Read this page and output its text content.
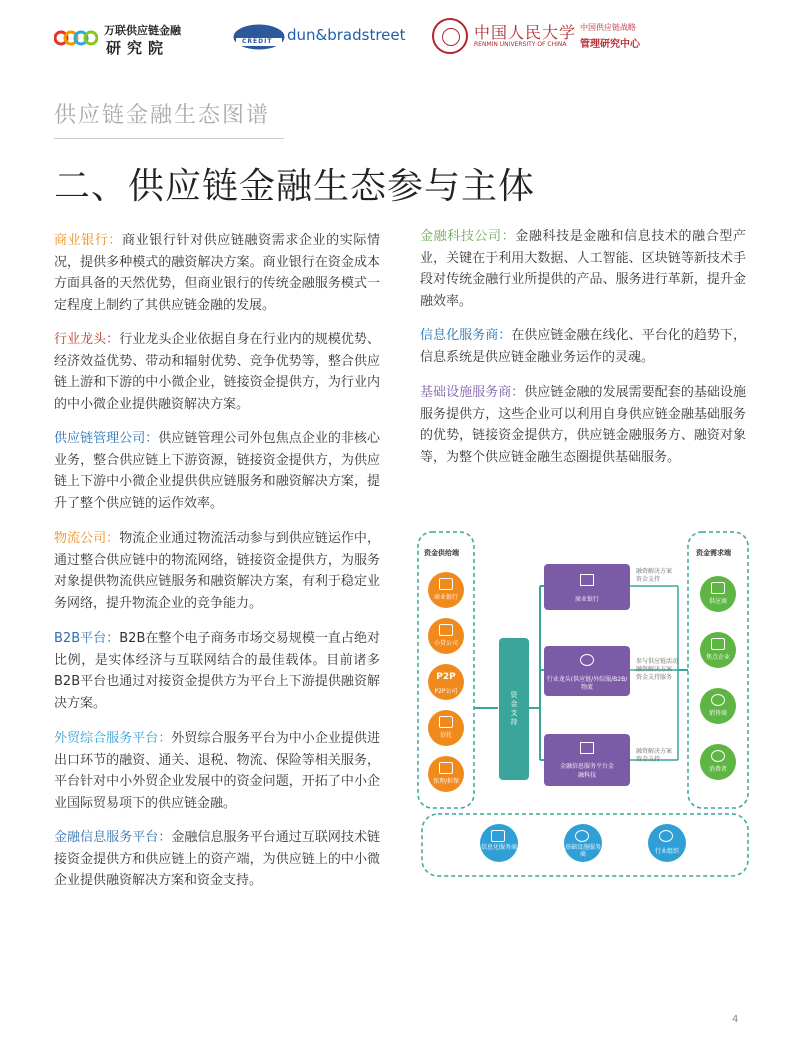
万联供应链金融
研究院	CREDIT dun&bradstreet	中国人民大学
RENMIN UNIVERSITY OF CHINA
中国供应链战略
管理研究中心
供应链金融生态图谱
二、供应链金融生态参与主体
商业银行：商业银行针对供应链融资需求企业的实际情况，提供多种模式的融资解决方案。商业银行在资金成本方面具备的天然优势，但商业银行的传统金融服务模式一定程度上制约了其供应链金融的发展。
行业龙头：行业龙头企业依据自身在行业内的规模优势、经济效益优势、带动和辐射优势、竞争优势等，整合供应链上游和下游的中小微企业，链接资金提供方，为行业内的中小微企业提供融资解决方案。
供应链管理公司：供应链管理公司外包焦点企业的非核心业务，整合供应链上下游资源，链接资金提供方，为供应链上下游中小微企业提供供应链服务和融资解决方案，提升了整个供应链的运作效率。
物流公司：物流企业通过物流活动参与到供应链运作中，通过整合供应链中的物流网络，链接资金提供方，为服务对象提供物流供应链服务和融资解决方案，有利于稳定业务网络，提升物流企业的竞争能力。
B2B平台：B2B在整个电子商务市场交易规模一直占绝对比例，是实体经济与互联网结合的最佳载体。目前诸多B2B平台也通过对接资金提供方为平台上下游提供融资解决方案。
外贸综合服务平台：外贸综合服务平台为中小企业提供进出口环节的融资、通关、退税、物流、保险等相关服务，平台针对中小外贸企业发展中的资金问题，开拓了中小企业国际贸易项下的供应链金融。
金融信息服务平台：金融信息服务平台通过互联网技术链接资金提供方和供应链上的资产端，为供应链上的中小微企业提供融资解决方案和资金支持。
金融科技公司：金融科技是金融和信息技术的融合型产业，关键在于利用大数据、人工智能、区块链等新技术手段对传统金融行业所提供的产品、服务进行革新，提升金融效率。
信息化服务商：在供应链金融在线化、平台化的趋势下，信息系统是供应链金融业务运作的灵魂。
基础设施服务商：供应链金融的发展需要配套的基础设施服务提供方，这些企业可以利用自身供应链金融基础服务的优势，链接资金提供方，供应链金融服务方、融资对象等，为整个供应链金融生态圈提供基础服务。
资金供给端	资金需求端
商业银行
小贷公司
P2P
P2P公司
信托
保理/担保
资金支持
商业银行
行业龙头(供应链/外综服/B2B/物流
金融信息服务平台金融科技
融资解决方案
资金支持
参与供应链活动
融资解决方案
资金支持服务
融资解决方案
资金支持
供应商
焦点企业
销售商
消费者
信息化服务商	基础设施服务商	行业组织
4
